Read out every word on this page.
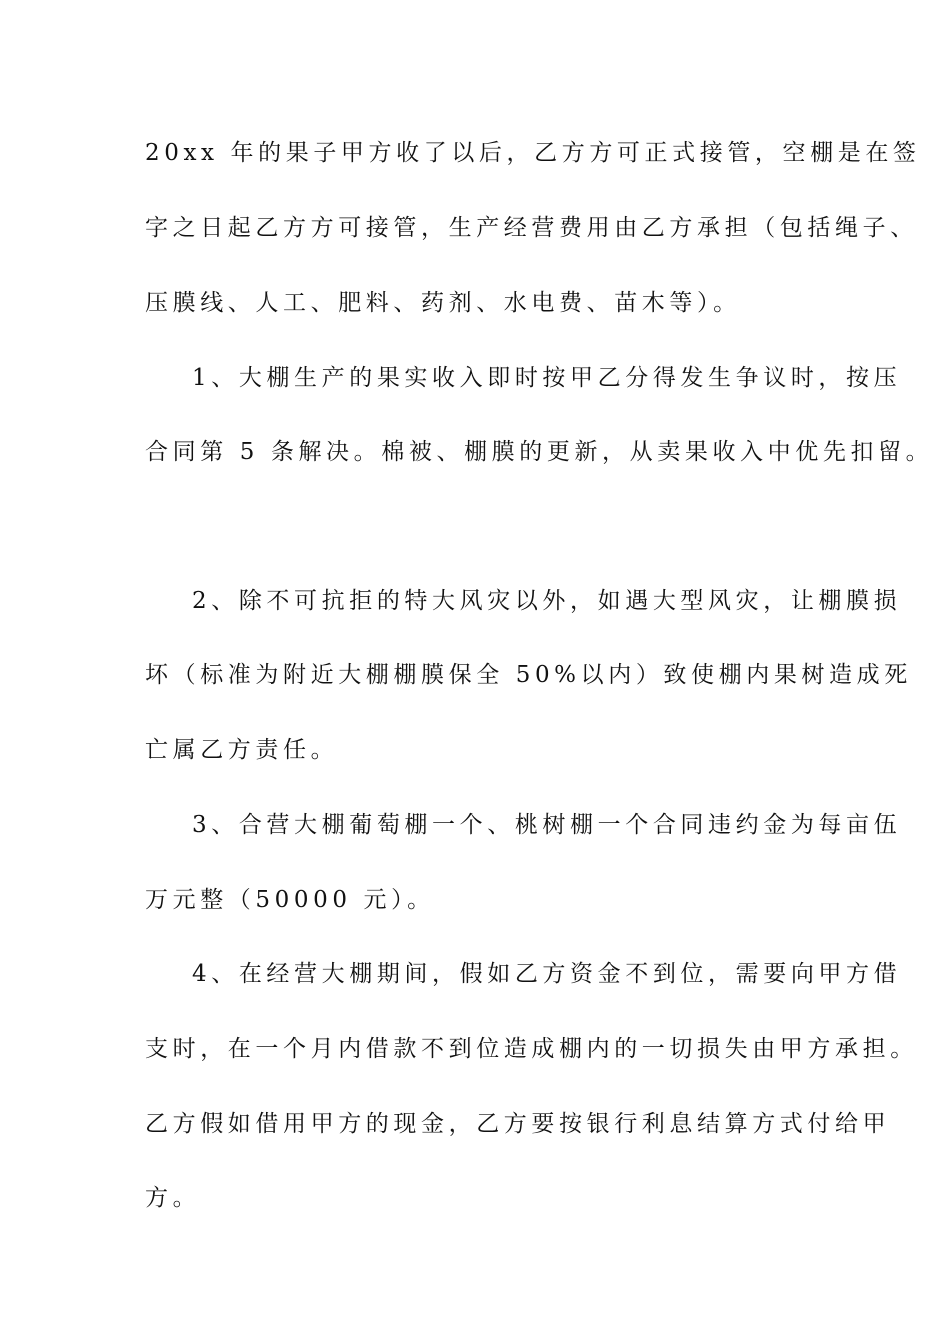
20xx 年的果子甲方收了以后，乙方方可正式接管，空棚是在签
字之日起乙方方可接管，生产经营费用由乙方承担（包括绳子、
压膜线、人工、肥料、药剂、水电费、苗木等）。
1、大棚生产的果实收入即时按甲乙分得发生争议时，按压
合同第 5 条解决。棉被、棚膜的更新，从卖果收入中优先扣留。
2、除不可抗拒的特大风灾以外，如遇大型风灾，让棚膜损
坏（标准为附近大棚棚膜保全 50%以内）致使棚内果树造成死
亡属乙方责任。
3、合营大棚葡萄棚一个、桃树棚一个合同违约金为每亩伍
万元整（50000 元）。
4、在经营大棚期间，假如乙方资金不到位，需要向甲方借
支时，在一个月内借款不到位造成棚内的一切损失由甲方承担。
乙方假如借用甲方的现金，乙方要按银行利息结算方式付给甲
方。
